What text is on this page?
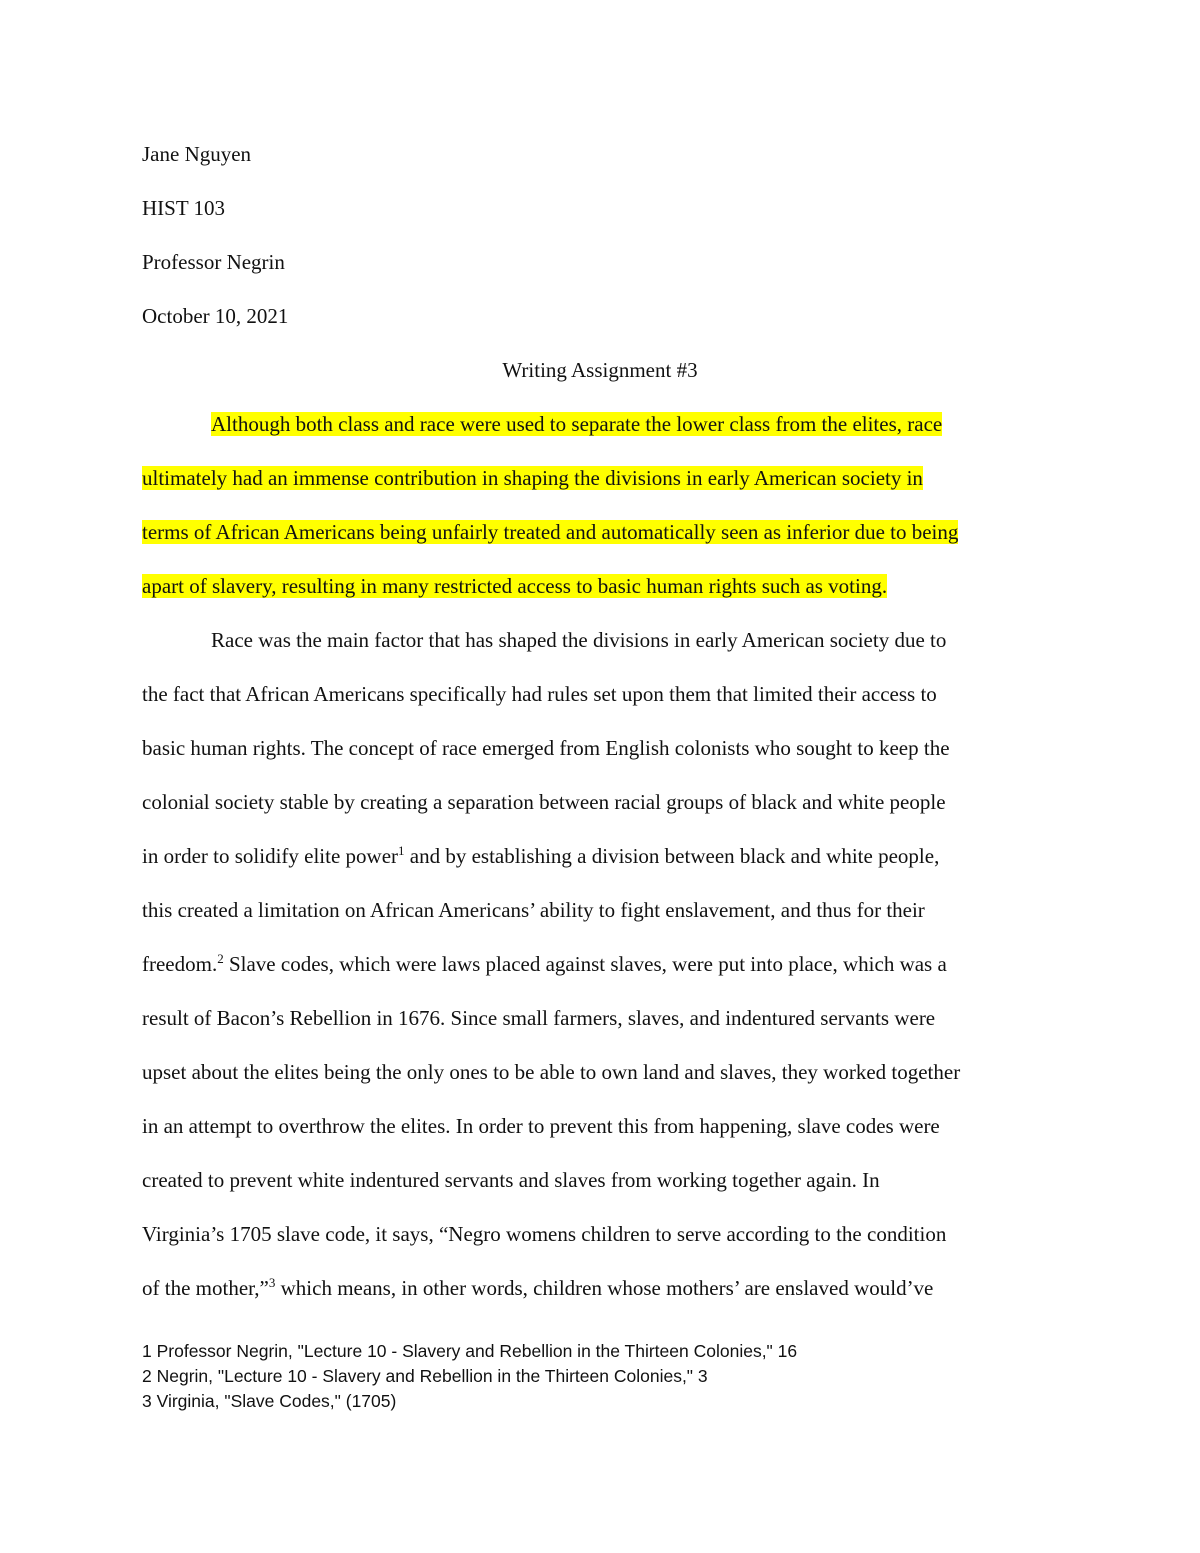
Jane Nguyen
HIST 103
Professor Negrin
October 10, 2021
Writing Assignment #3
Although both class and race were used to separate the lower class from the elites, race
ultimately had an immense contribution in shaping the divisions in early American society in
terms of African Americans being unfairly treated and automatically seen as inferior due to being
apart of slavery, resulting in many restricted access to basic human rights such as voting.
Race was the main factor that has shaped the divisions in early American society due to
the fact that African Americans specifically had rules set upon them that limited their access to
basic human rights. The concept of race emerged from English colonists who sought to keep the
colonial society stable by creating a separation between racial groups of black and white people
in order to solidify elite power$^1$ and by establishing a division between black and white people,
this created a limitation on African Americans’ ability to fight enslavement, and thus for their
freedom.$^2$ Slave codes, which were laws placed against slaves, were put into place, which was a
result of Bacon’s Rebellion in 1676. Since small farmers, slaves, and indentured servants were
upset about the elites being the only ones to be able to own land and slaves, they worked together
in an attempt to overthrow the elites. In order to prevent this from happening, slave codes were
created to prevent white indentured servants and slaves from working together again. In
Virginia’s 1705 slave code, it says, “Negro womens children to serve according to the condition
of the mother,”$^3$ which means, in other words, children whose mothers’ are enslaved would’ve
1 Professor Negrin, "Lecture 10 - Slavery and Rebellion in the Thirteen Colonies," 16
2 Negrin, "Lecture 10 - Slavery and Rebellion in the Thirteen Colonies," 3
3 Virginia, "Slave Codes," (1705)
